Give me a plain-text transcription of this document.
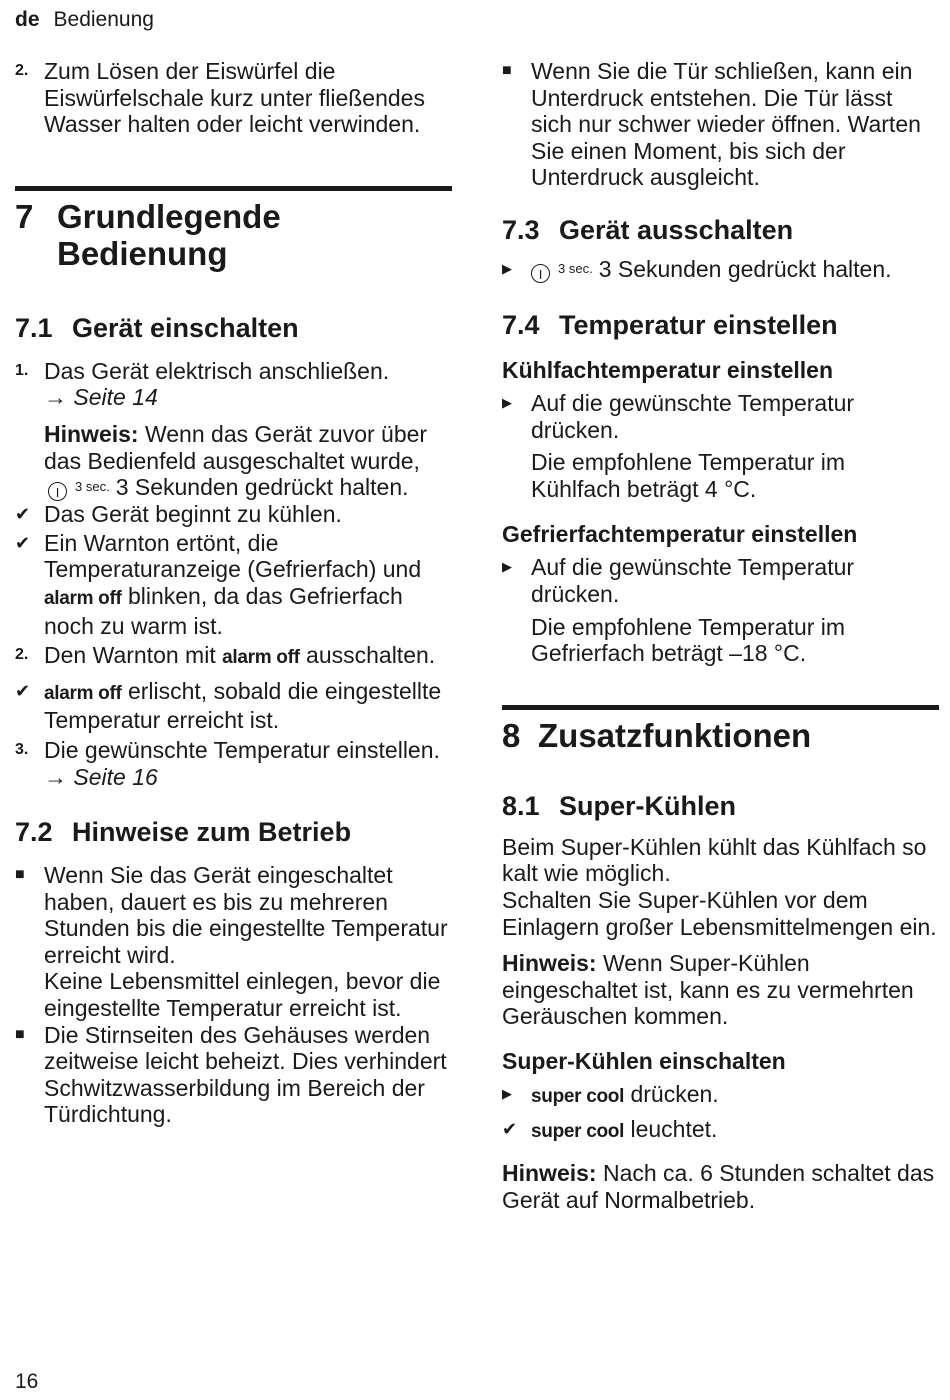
de Bedienung
2. Zum Lösen der Eiswürfel die Eiswürfelschale kurz unter fließendes Wasser halten oder leicht verwinden.
7 Grundlegende
Bedienung
7.1 Gerät einschalten
1. Das Gerät elektrisch anschließen.
→ Seite 14

Hinweis: Wenn das Gerät zuvor über das Bedienfeld ausgeschaltet wurde, I 3 sec. 3 Sekunden gedrückt halten.

✔ Das Gerät beginnt zu kühlen.
✔ Ein Warnton ertönt, die Temperaturanzeige (Gefrierfach) und alarm off blinken, da das Gefrierfach noch zu warm ist.
2. Den Warnton mit alarm off ausschalten.
✔ alarm off erlischt, sobald die eingestellte Temperatur erreicht ist.
3. Die gewünschte Temperatur einstellen. → Seite 16
7.2 Hinweise zum Betrieb
■ Wenn Sie das Gerät eingeschaltet haben, dauert es bis zu mehreren Stunden bis die eingestellte Temperatur erreicht wird.
Keine Lebensmittel einlegen, bevor die eingestellte Temperatur erreicht ist.
■ Die Stirnseiten des Gehäuses werden zeitweise leicht beheizt. Dies verhindert Schwitzwasserbildung im Bereich der Türdichtung.
■ Wenn Sie die Tür schließen, kann ein Unterdruck entstehen. Die Tür lässt sich nur schwer wieder öffnen. Warten Sie einen Moment, bis sich der Unterdruck ausgleicht.
7.3 Gerät ausschalten
▶ I 3 sec. 3 Sekunden gedrückt halten.
7.4 Temperatur einstellen
Kühlfachtemperatur einstellen
▶ Auf die gewünschte Temperatur drücken.

Die empfohlene Temperatur im Kühlfach beträgt 4 °C.

Gefrierfachtemperatur einstellen
▶ Auf die gewünschte Temperatur drücken.

Die empfohlene Temperatur im Gefrierfach beträgt –18 °C.

8 Zusatzfunktionen
8.1 Super-Kühlen

Beim Super-Kühlen kühlt das Kühlfach so kalt wie möglich.

Schalten Sie Super-Kühlen vor dem Einlagern großer Lebensmittelmengen ein.

Hinweis: Wenn Super-Kühlen eingeschaltet ist, kann es zu vermehrten Geräuschen kommen.

Super-Kühlen einschalten
▶ super cool drücken.
✔ super cool leuchtet.

Hinweis: Nach ca. 6 Stunden schaltet das Gerät auf Normalbetrieb.

16
